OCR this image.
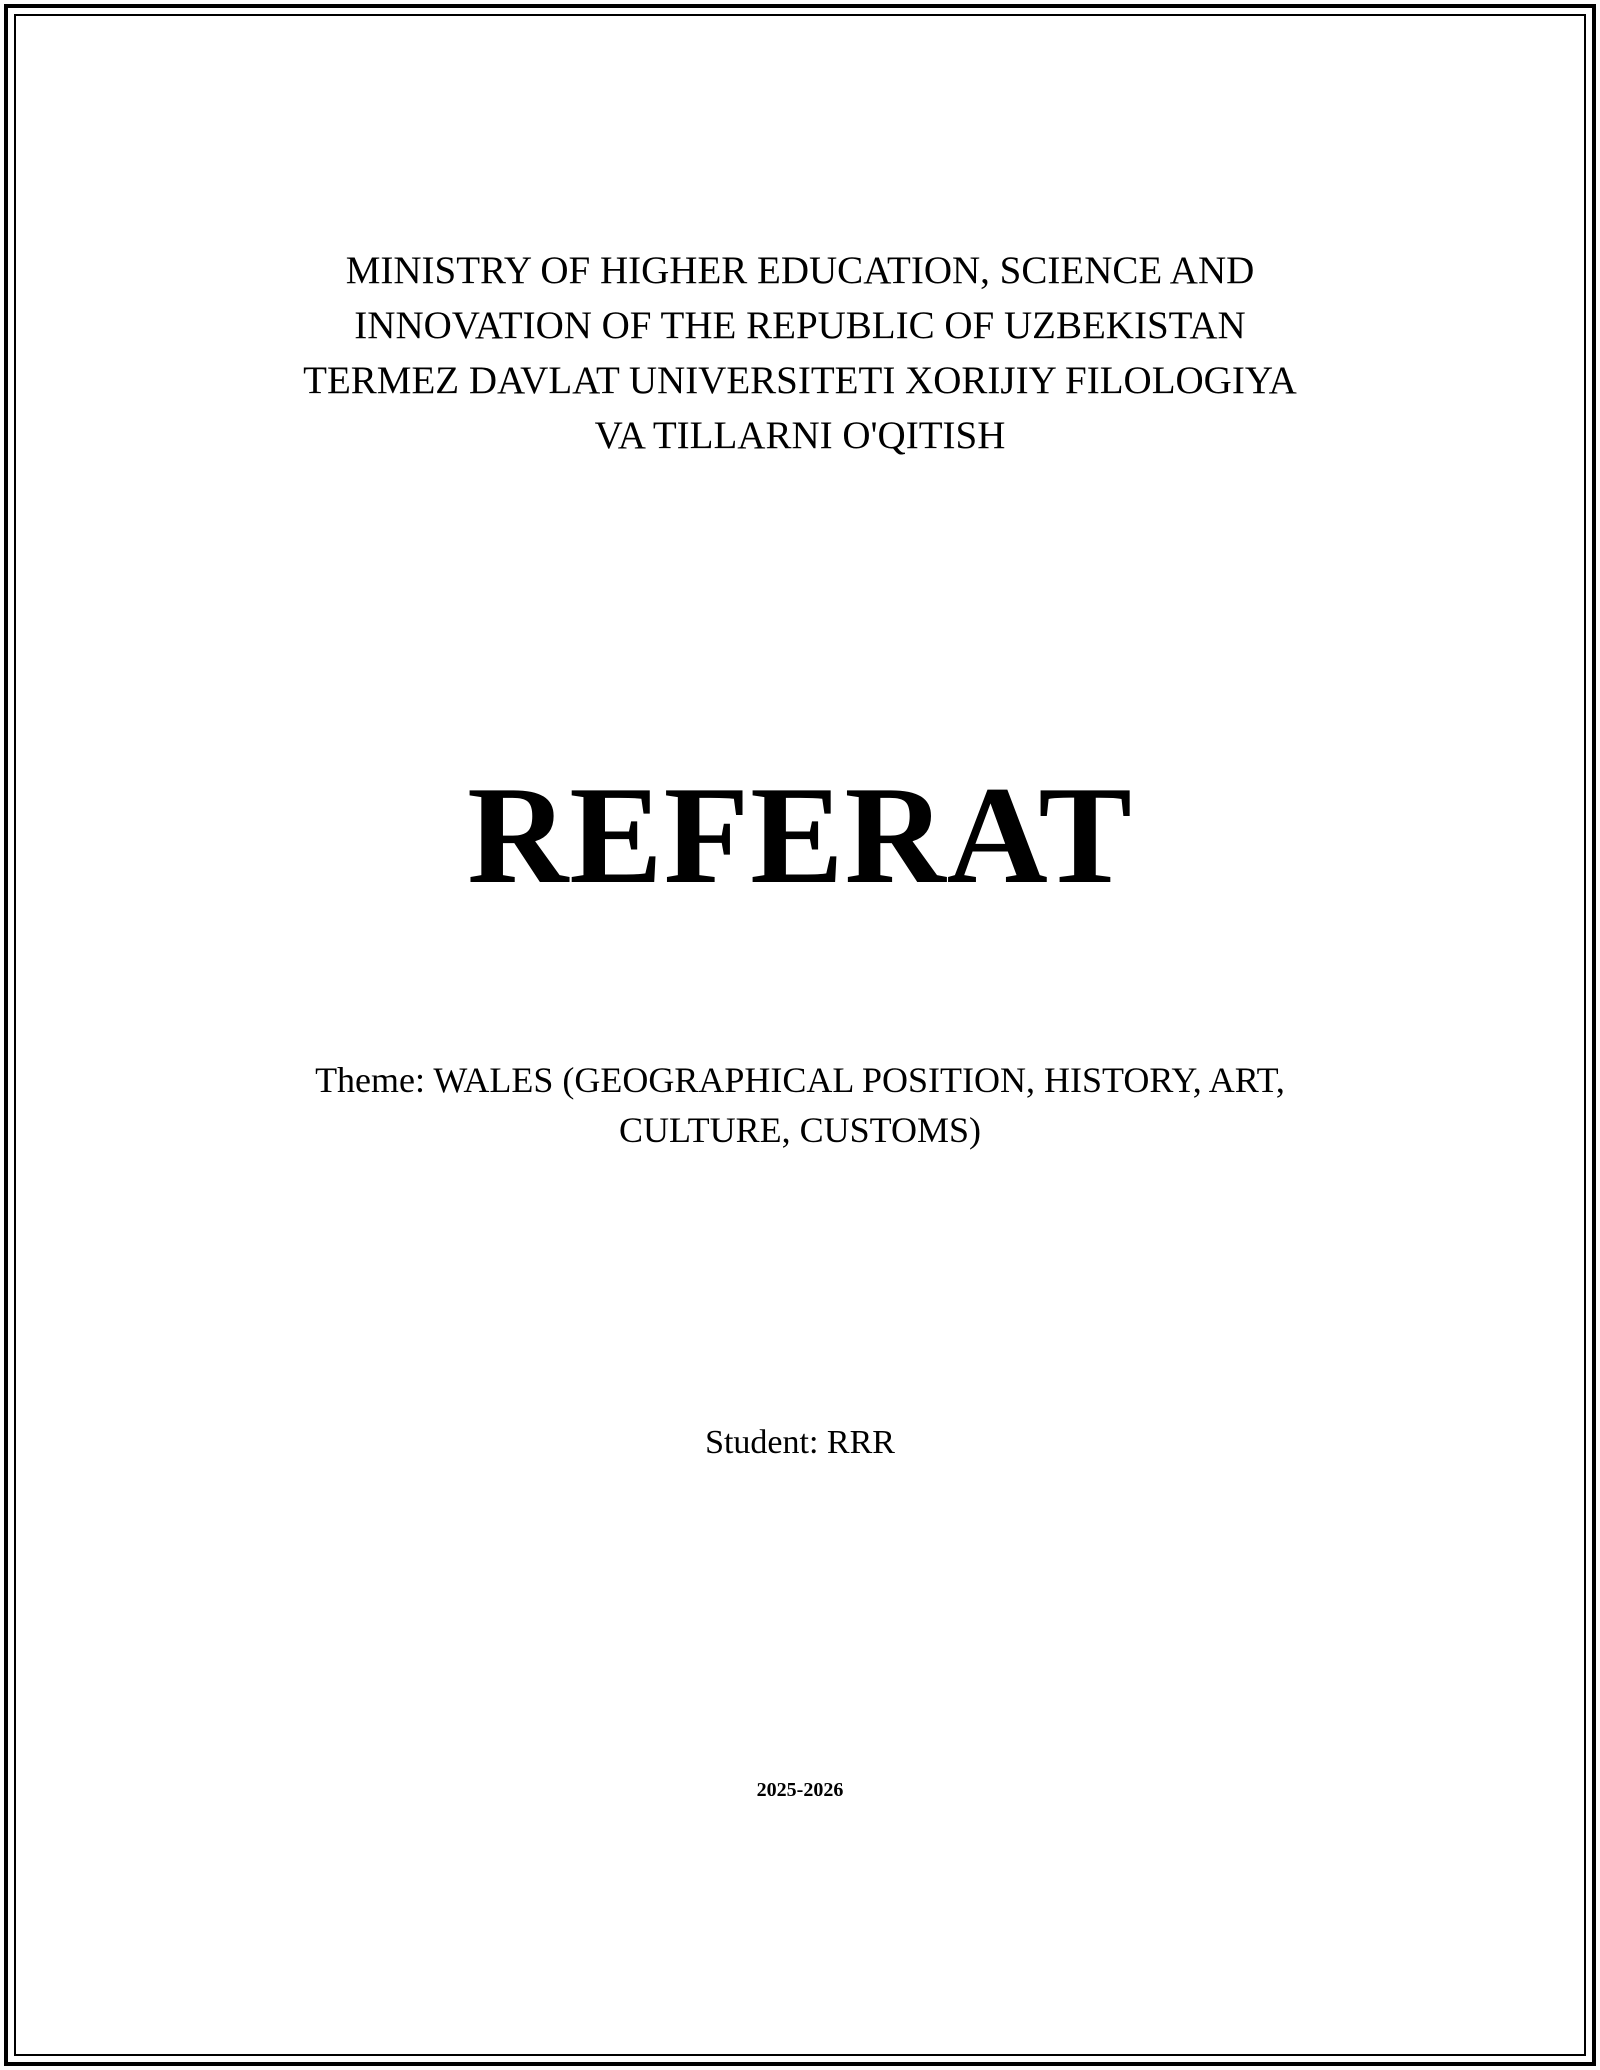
MINISTRY OF HIGHER EDUCATION, SCIENCE AND
INNOVATION OF THE REPUBLIC OF UZBEKISTAN
TERMEZ DAVLAT UNIVERSITETI XORIJIY FILOLOGIYA
VA TILLARNI O'QITISH
REFERAT
Theme: WALES (GEOGRAPHICAL POSITION, HISTORY, ART,
CULTURE, CUSTOMS)
Student: RRR
2025-2026
